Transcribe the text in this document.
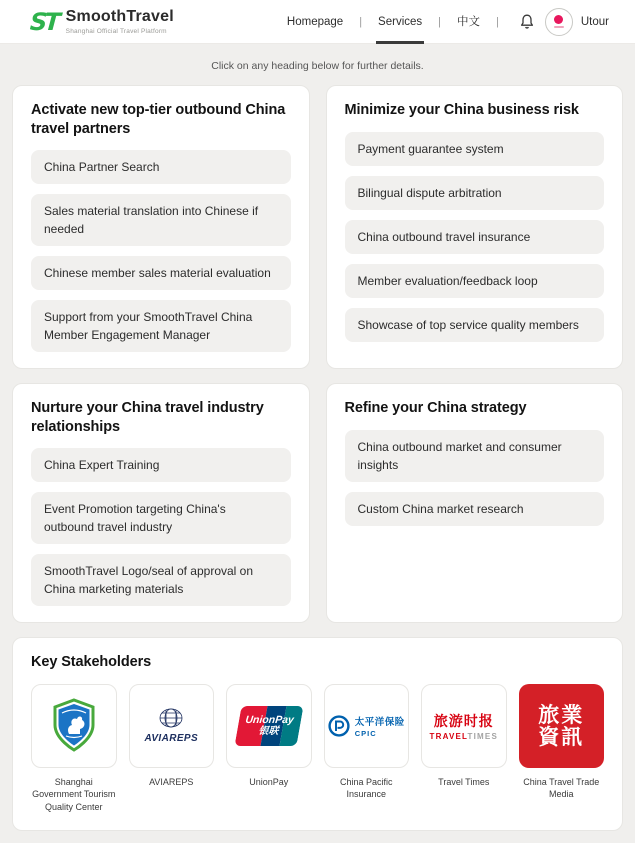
ST SmoothTravel
Shanghai Official Travel Platform
Homepage	|	Services	|	中文	|	Utour
Click on any heading below for further details.
Activate new top-tier outbound China travel partners
China Partner Search
Sales material translation into Chinese if needed
Chinese member sales material evaluation
Support from your SmoothTravel China Member Engagement Manager
Minimize your China business risk
Payment guarantee system
Bilingual dispute arbitration
China outbound travel insurance
Member evaluation/feedback loop
Showcase of top service quality members
Nurture your China travel industry relationships
China Expert Training
Event Promotion targeting China's outbound travel industry
SmoothTravel Logo/seal of approval on China marketing materials
Refine your China strategy
China outbound market and consumer insights
Custom China market research
Key Stakeholders
Shanghai Government Tourism Quality Center
AVIAREPS
AVIAREPS
UnionPay
银联
UnionPay
太平洋保险
CPIC
China Pacific Insurance
旅游时报
TRAVELTIMES
Travel Times
旅業
資訊
China Travel Trade Media
